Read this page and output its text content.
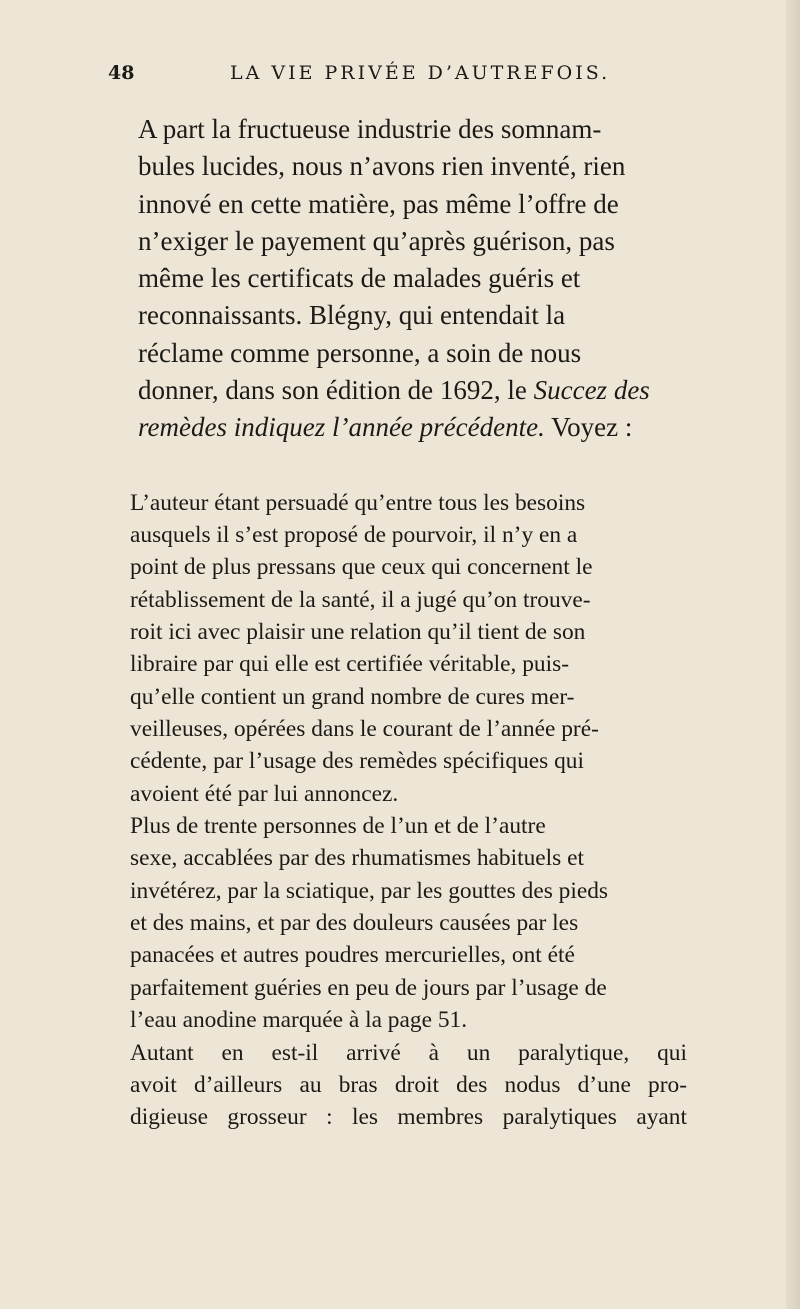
48	LA VIE PRIVÉE D’AUTREFOIS.

A part la fructueuse industrie des somnam-
bules lucides, nous n’avons rien inventé, rien
innové en cette matière, pas même l’offre de
n’exiger le payement qu’après guérison, pas
même les certificats de malades guéris et
reconnaissants. Blégny, qui entendait la
réclame comme personne, a soin de nous
donner, dans son édition de 1692, le Succez des
remèdes indiquez l’année précédente. Voyez :

L’auteur étant persuadé qu’entre tous les besoins
ausquels il s’est proposé de pourvoir, il n’y en a
point de plus pressans que ceux qui concernent le
rétablissement de la santé, il a jugé qu’on trouve-
roit ici avec plaisir une relation qu’il tient de son
libraire par qui elle est certifiée véritable, puis-
qu’elle contient un grand nombre de cures mer-
veilleuses, opérées dans le courant de l’année pré-
cédente, par l’usage des remèdes spécifiques qui
avoient été par lui annoncez.

Plus de trente personnes de l’un et de l’autre
sexe, accablées par des rhumatismes habituels et
invétérez, par la sciatique, par les gouttes des pieds
et des mains, et par des douleurs causées par les
panacées et autres poudres mercurielles, ont été
parfaitement guéries en peu de jours par l’usage de
l’eau anodine marquée à la page 51.

Autant en est-il arrivé à un paralytique, qui
avoit d’ailleurs au bras droit des nodus d’une pro-
digieuse grosseur : les membres paralytiques ayant
